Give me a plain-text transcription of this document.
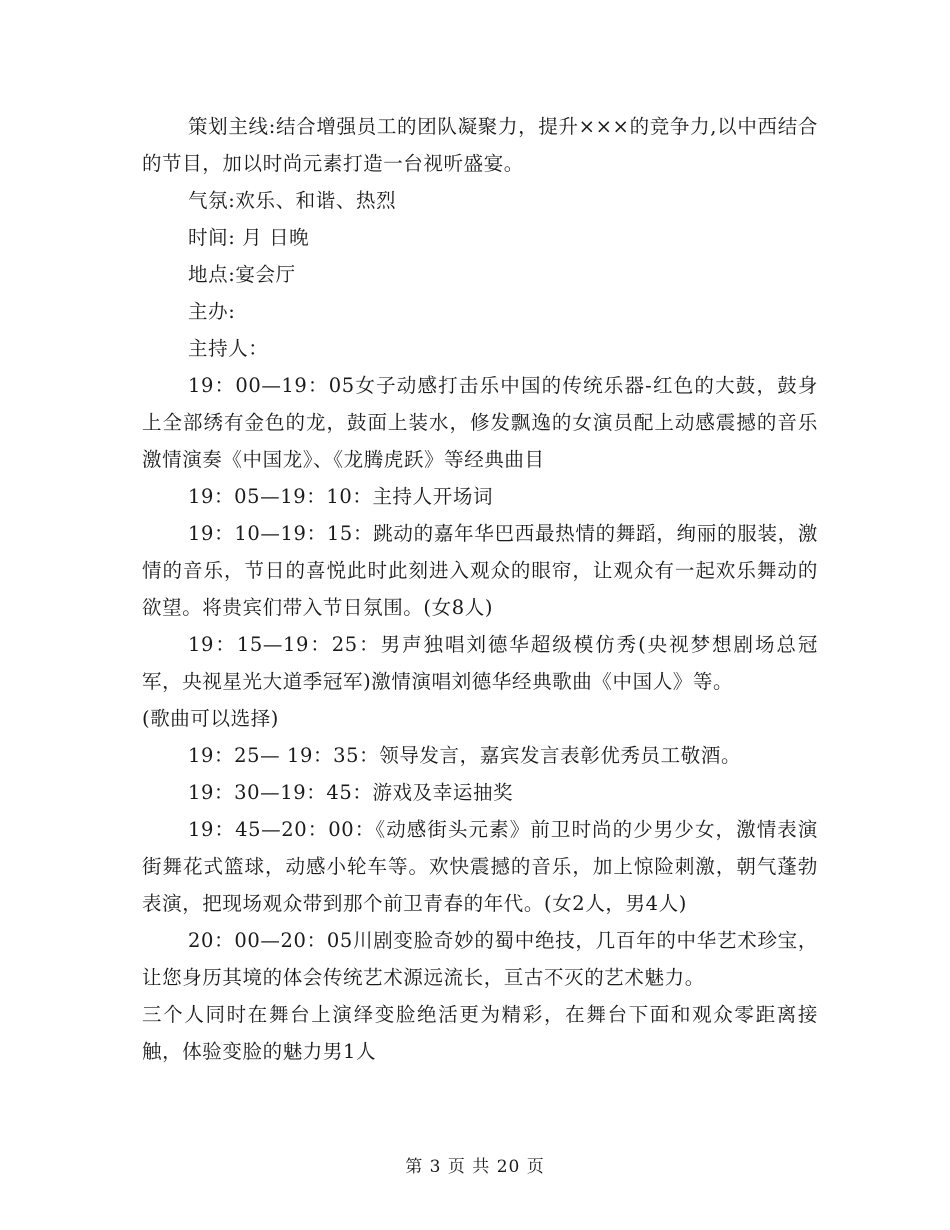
策划主线:结合增强员工的团队凝聚力，提升×××的竞争力,以中西结合的节目，加以时尚元素打造一台视听盛宴。

气氛:欢乐、和谐、热烈

时间: 月 日晚

地点:宴会厅

主办:

主持人：

19：00—19：05女子动感打击乐中国的传统乐器-红色的大鼓，鼓身上全部绣有金色的龙，鼓面上装水，修发飘逸的女演员配上动感震撼的音乐激情演奏《中国龙》、《龙腾虎跃》等经典曲目

19：05—19：10：主持人开场词

19：10—19：15：跳动的嘉年华巴西最热情的舞蹈，绚丽的服装，激情的音乐，节日的喜悦此时此刻进入观众的眼帘，让观众有一起欢乐舞动的欲望。将贵宾们带入节日氛围。(女8人)

19：15—19：25：男声独唱刘德华超级模仿秀(央视梦想剧场总冠军，央视星光大道季冠军)激情演唱刘德华经典歌曲《中国人》等。

(歌曲可以选择)

19：25— 19：35：领导发言，嘉宾发言表彰优秀员工敬酒。

19：30—19：45：游戏及幸运抽奖

19：45—20：00：《动感街头元素》前卫时尚的少男少女，激情表演街舞花式篮球，动感小轮车等。欢快震撼的音乐，加上惊险刺激，朝气蓬勃表演，把现场观众带到那个前卫青春的年代。(女2人，男4人)

20：00—20：05川剧变脸奇妙的蜀中绝技，几百年的中华艺术珍宝，让您身历其境的体会传统艺术源远流长，亘古不灭的艺术魅力。

三个人同时在舞台上演绎变脸绝活更为精彩，在舞台下面和观众零距离接触，体验变脸的魅力男1人

第 3 页 共 20 页
